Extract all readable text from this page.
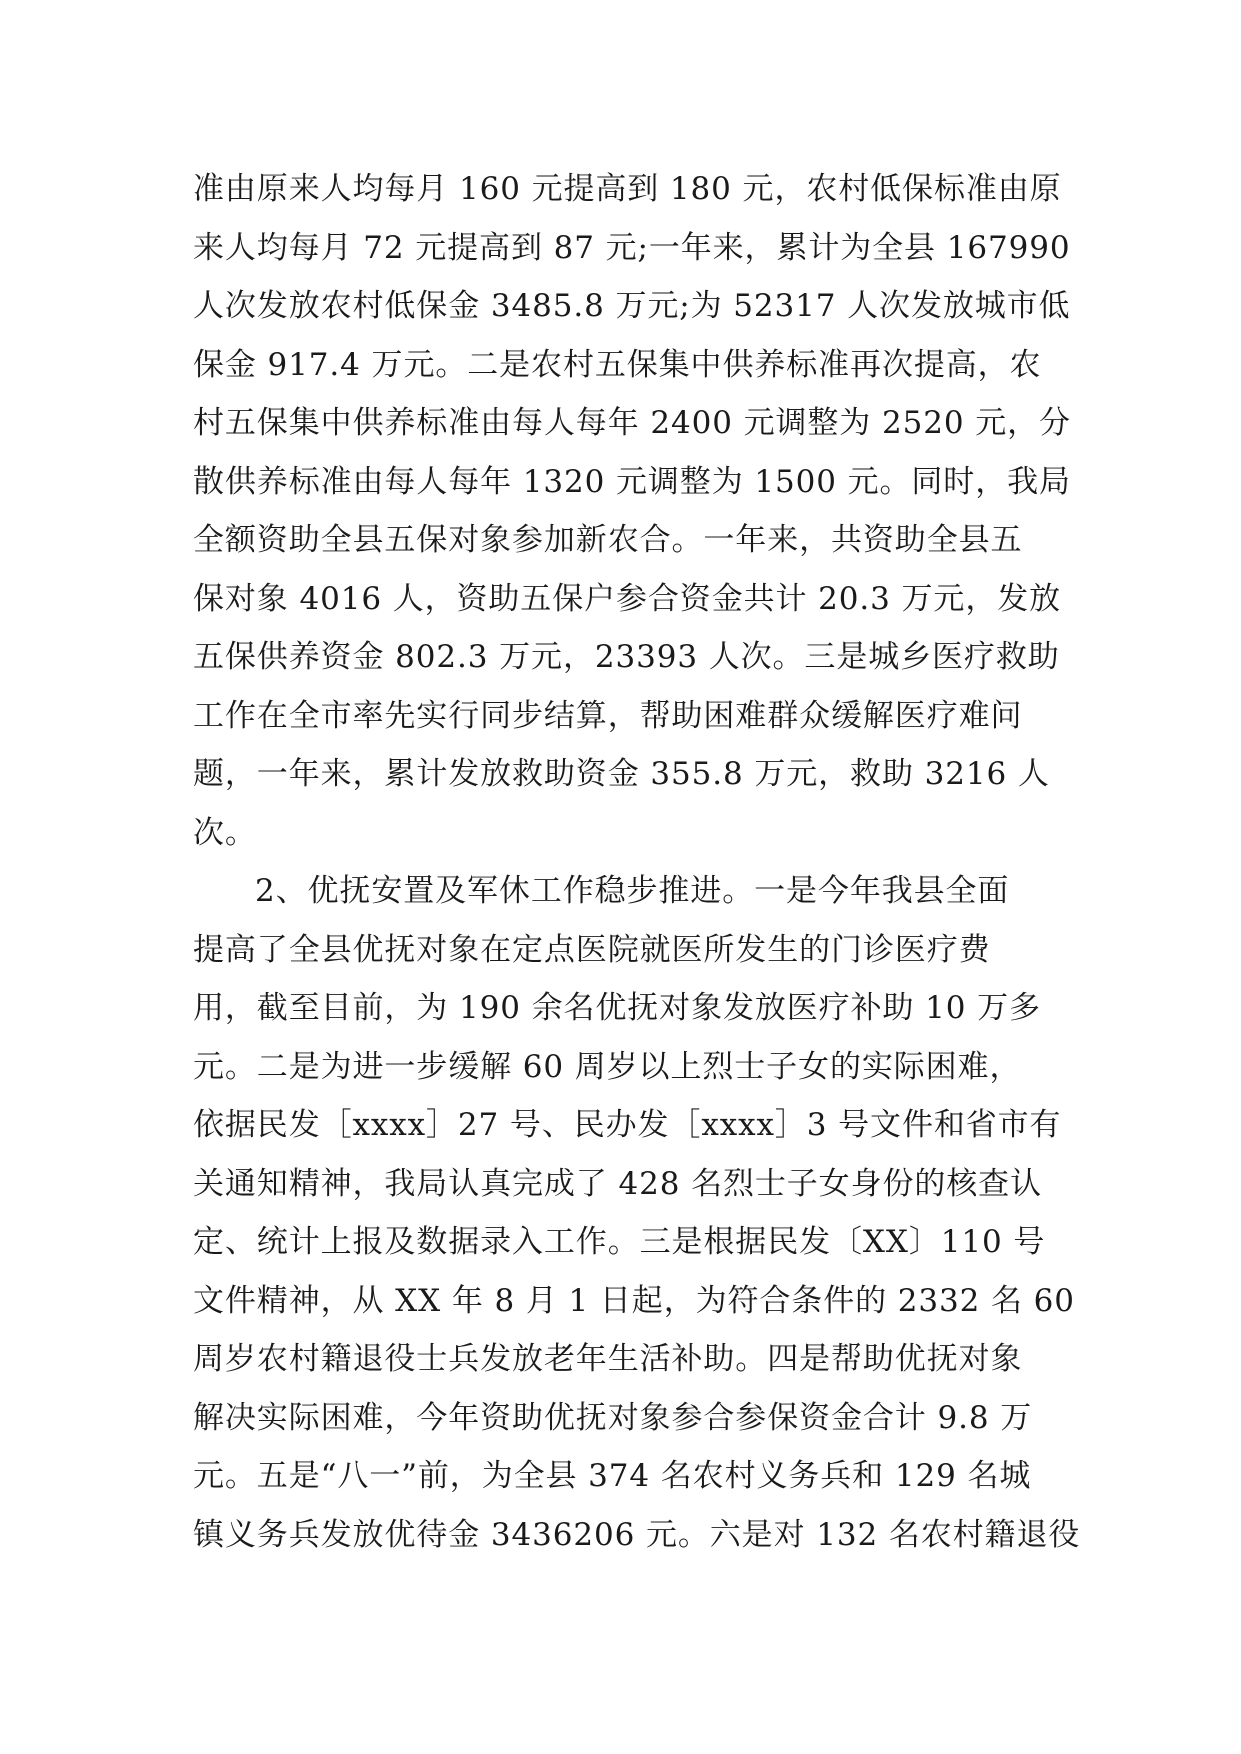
准由原来人均每月 160 元提高到 180 元，农村低保标准由原
来人均每月 72 元提高到 87 元;一年来，累计为全县 167990
人次发放农村低保金 3485.8 万元;为 52317 人次发放城市低
保金 917.4 万元。二是农村五保集中供养标准再次提高，农
村五保集中供养标准由每人每年 2400 元调整为 2520 元，分
散供养标准由每人每年 1320 元调整为 1500 元。同时，我局
全额资助全县五保对象参加新农合。一年来，共资助全县五
保对象 4016 人，资助五保户参合资金共计 20.3 万元，发放
五保供养资金 802.3 万元，23393 人次。三是城乡医疗救助
工作在全市率先实行同步结算，帮助困难群众缓解医疗难问
题，一年来，累计发放救助资金 355.8 万元，救助 3216 人
次。
2、优抚安置及军休工作稳步推进。一是今年我县全面
提高了全县优抚对象在定点医院就医所发生的门诊医疗费
用，截至目前，为 190 余名优抚对象发放医疗补助 10 万多
元。二是为进一步缓解 60 周岁以上烈士子女的实际困难，
依据民发［xxxx］27 号、民办发［xxxx］3 号文件和省市有
关通知精神，我局认真完成了 428 名烈士子女身份的核查认
定、统计上报及数据录入工作。三是根据民发〔XX〕110 号
文件精神，从 XX 年 8 月 1 日起，为符合条件的 2332 名 60
周岁农村籍退役士兵发放老年生活补助。四是帮助优抚对象
解决实际困难，今年资助优抚对象参合参保资金合计 9.8 万
元。五是“八一”前，为全县 374 名农村义务兵和 129 名城
镇义务兵发放优待金 3436206 元。六是对 132 名农村籍退役
